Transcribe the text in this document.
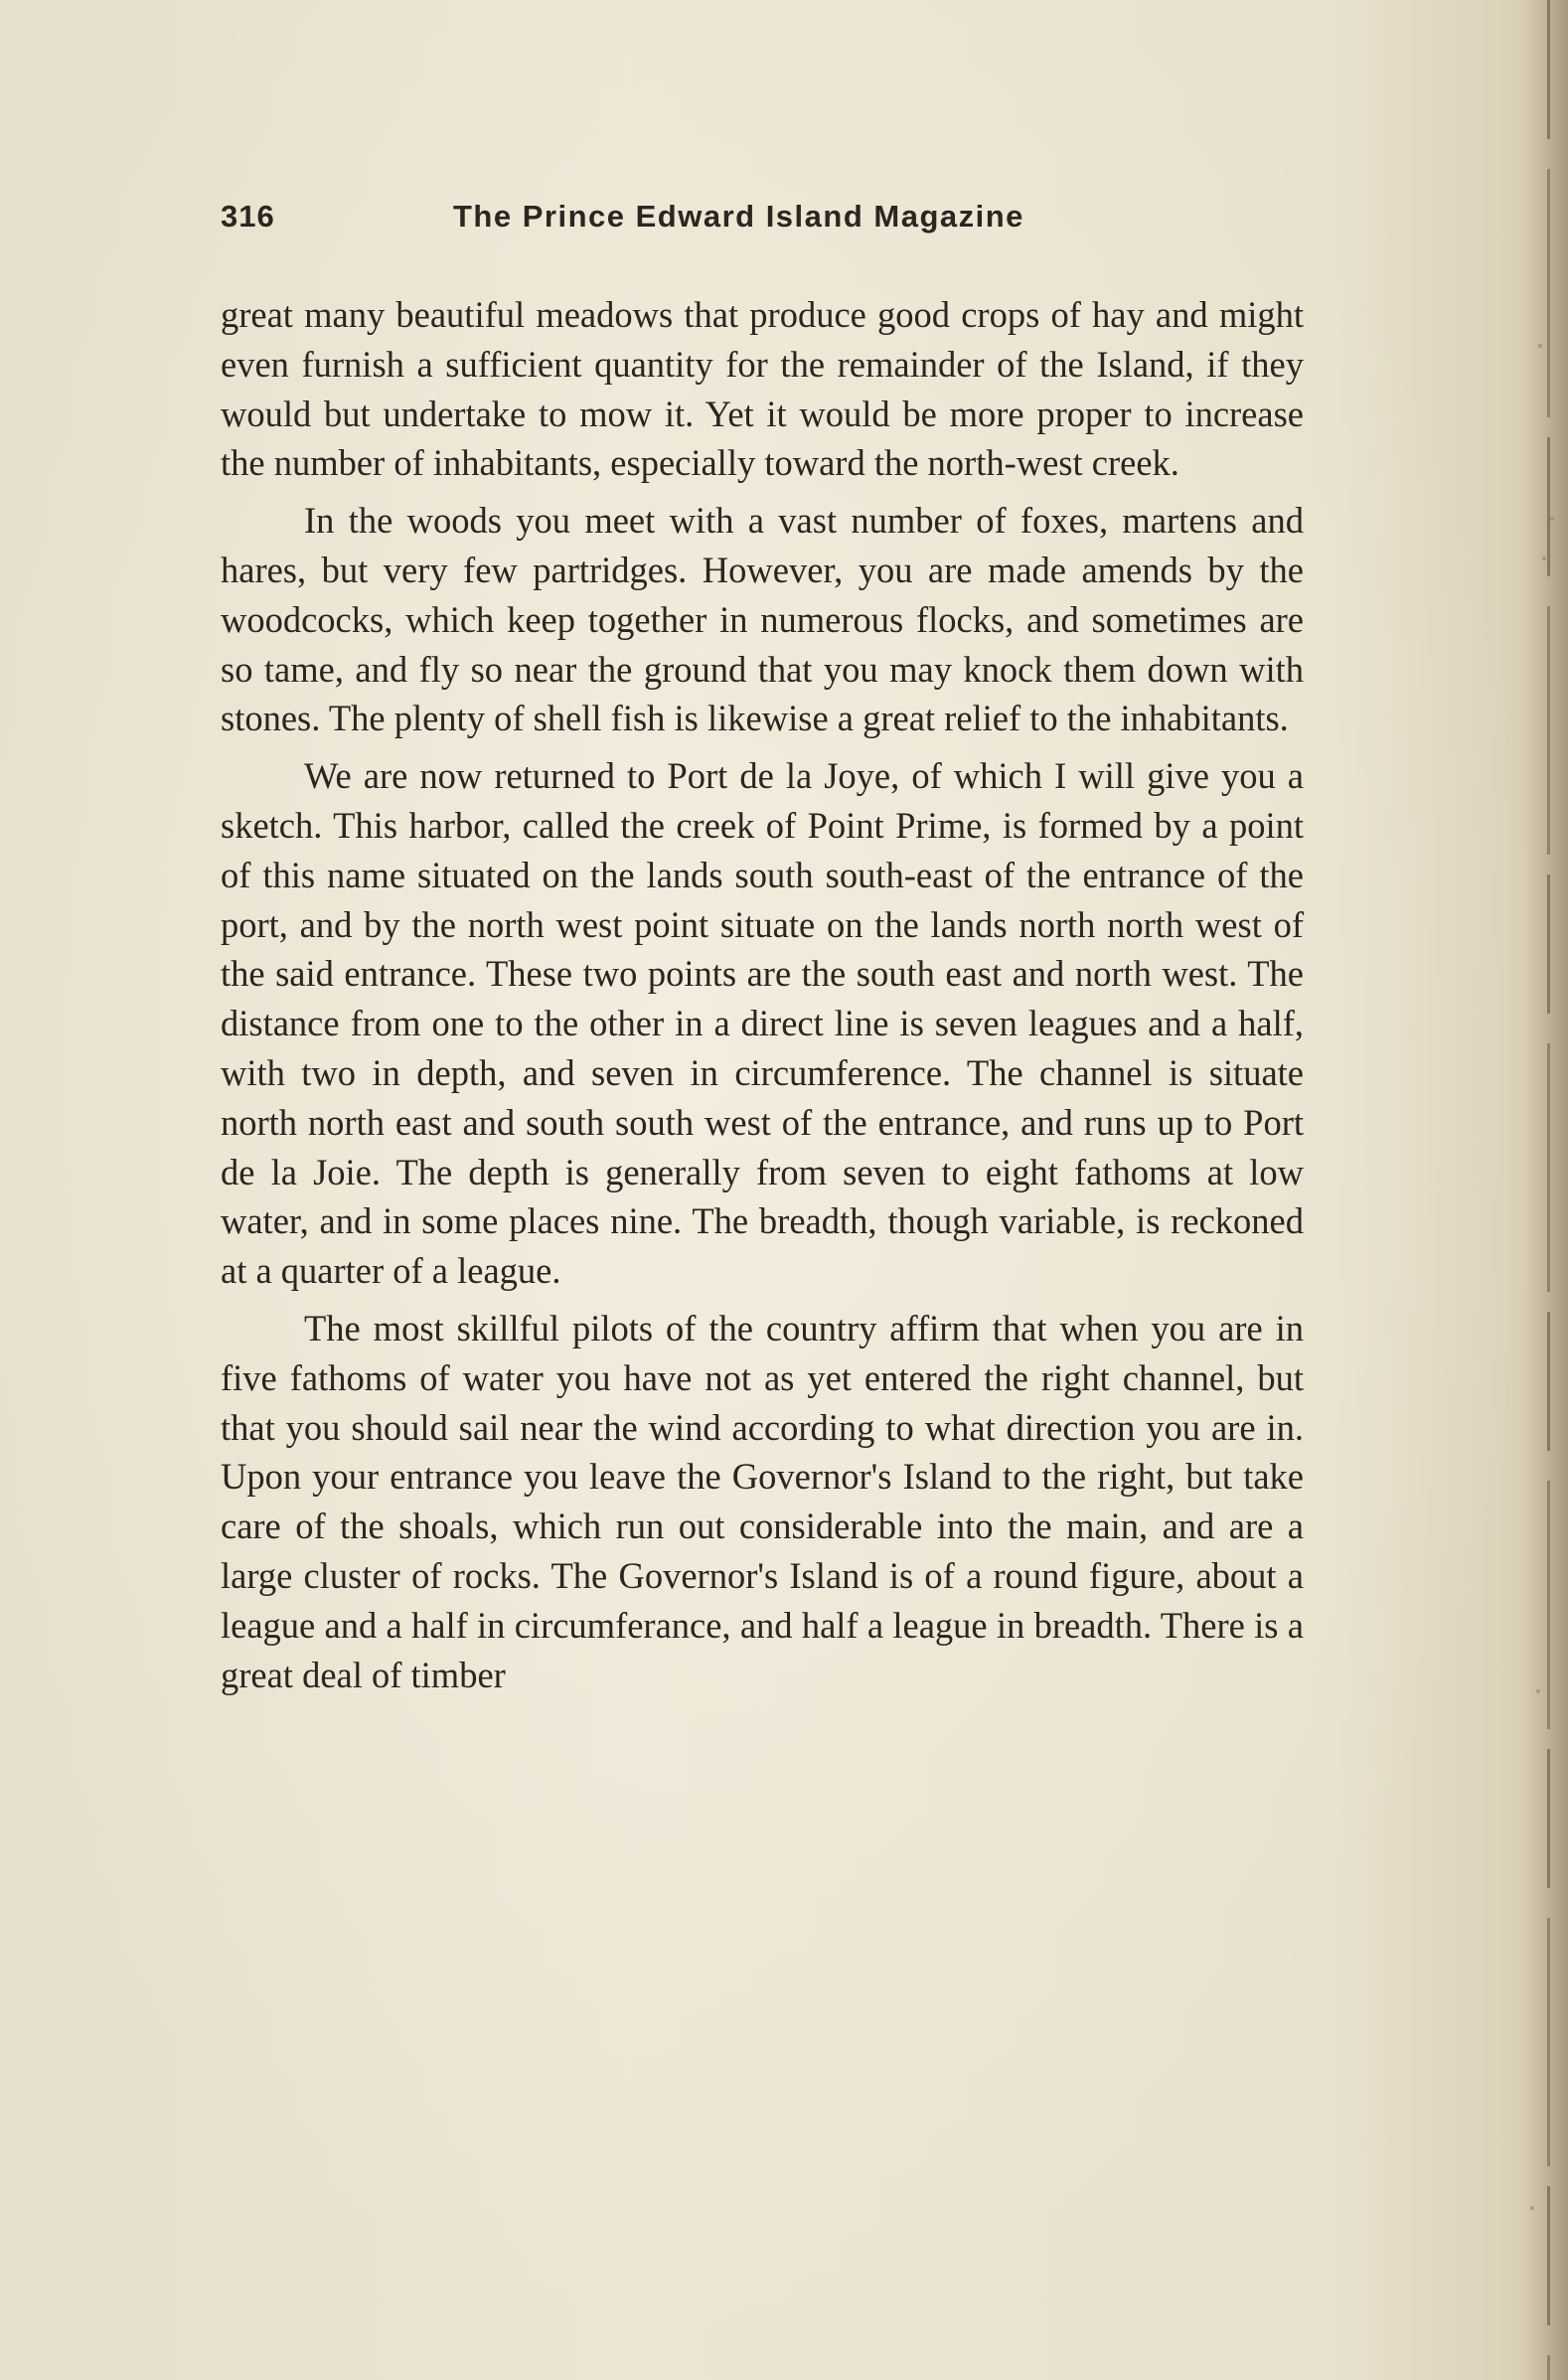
316	The Prince Edward Island Magazine

great many beautiful meadows that produce good crops of hay and might even furnish a sufficient quantity for the remainder of the Island, if they would but undertake to mow it. Yet it would be more proper to increase the number of inhabitants, especially toward the north-west creek.

In the woods you meet with a vast number of foxes, martens and hares, but very few partridges. However, you are made amends by the woodcocks, which keep together in numerous flocks, and sometimes are so tame, and fly so near the ground that you may knock them down with stones. The plenty of shell fish is likewise a great relief to the inhabitants.

We are now returned to Port de la Joye, of which I will give you a sketch. This harbor, called the creek of Point Prime, is formed by a point of this name situated on the lands south south-east of the entrance of the port, and by the north west point situate on the lands north north west of the said entrance. These two points are the south east and north west. The distance from one to the other in a direct line is seven leagues and a half, with two in depth, and seven in circumference. The channel is situate north north east and south south west of the entrance, and runs up to Port de la Joie. The depth is generally from seven to eight fathoms at low water, and in some places nine. The breadth, though variable, is reckoned at a quarter of a league.

The most skillful pilots of the country affirm that when you are in five fathoms of water you have not as yet entered the right channel, but that you should sail near the wind according to what direction you are in. Upon your entrance you leave the Governor's Island to the right, but take care of the shoals, which run out considerable into the main, and are a large cluster of rocks. The Governor's Island is of a round figure, about a league and a half in circumferance, and half a league in breadth. There is a great deal of timber
